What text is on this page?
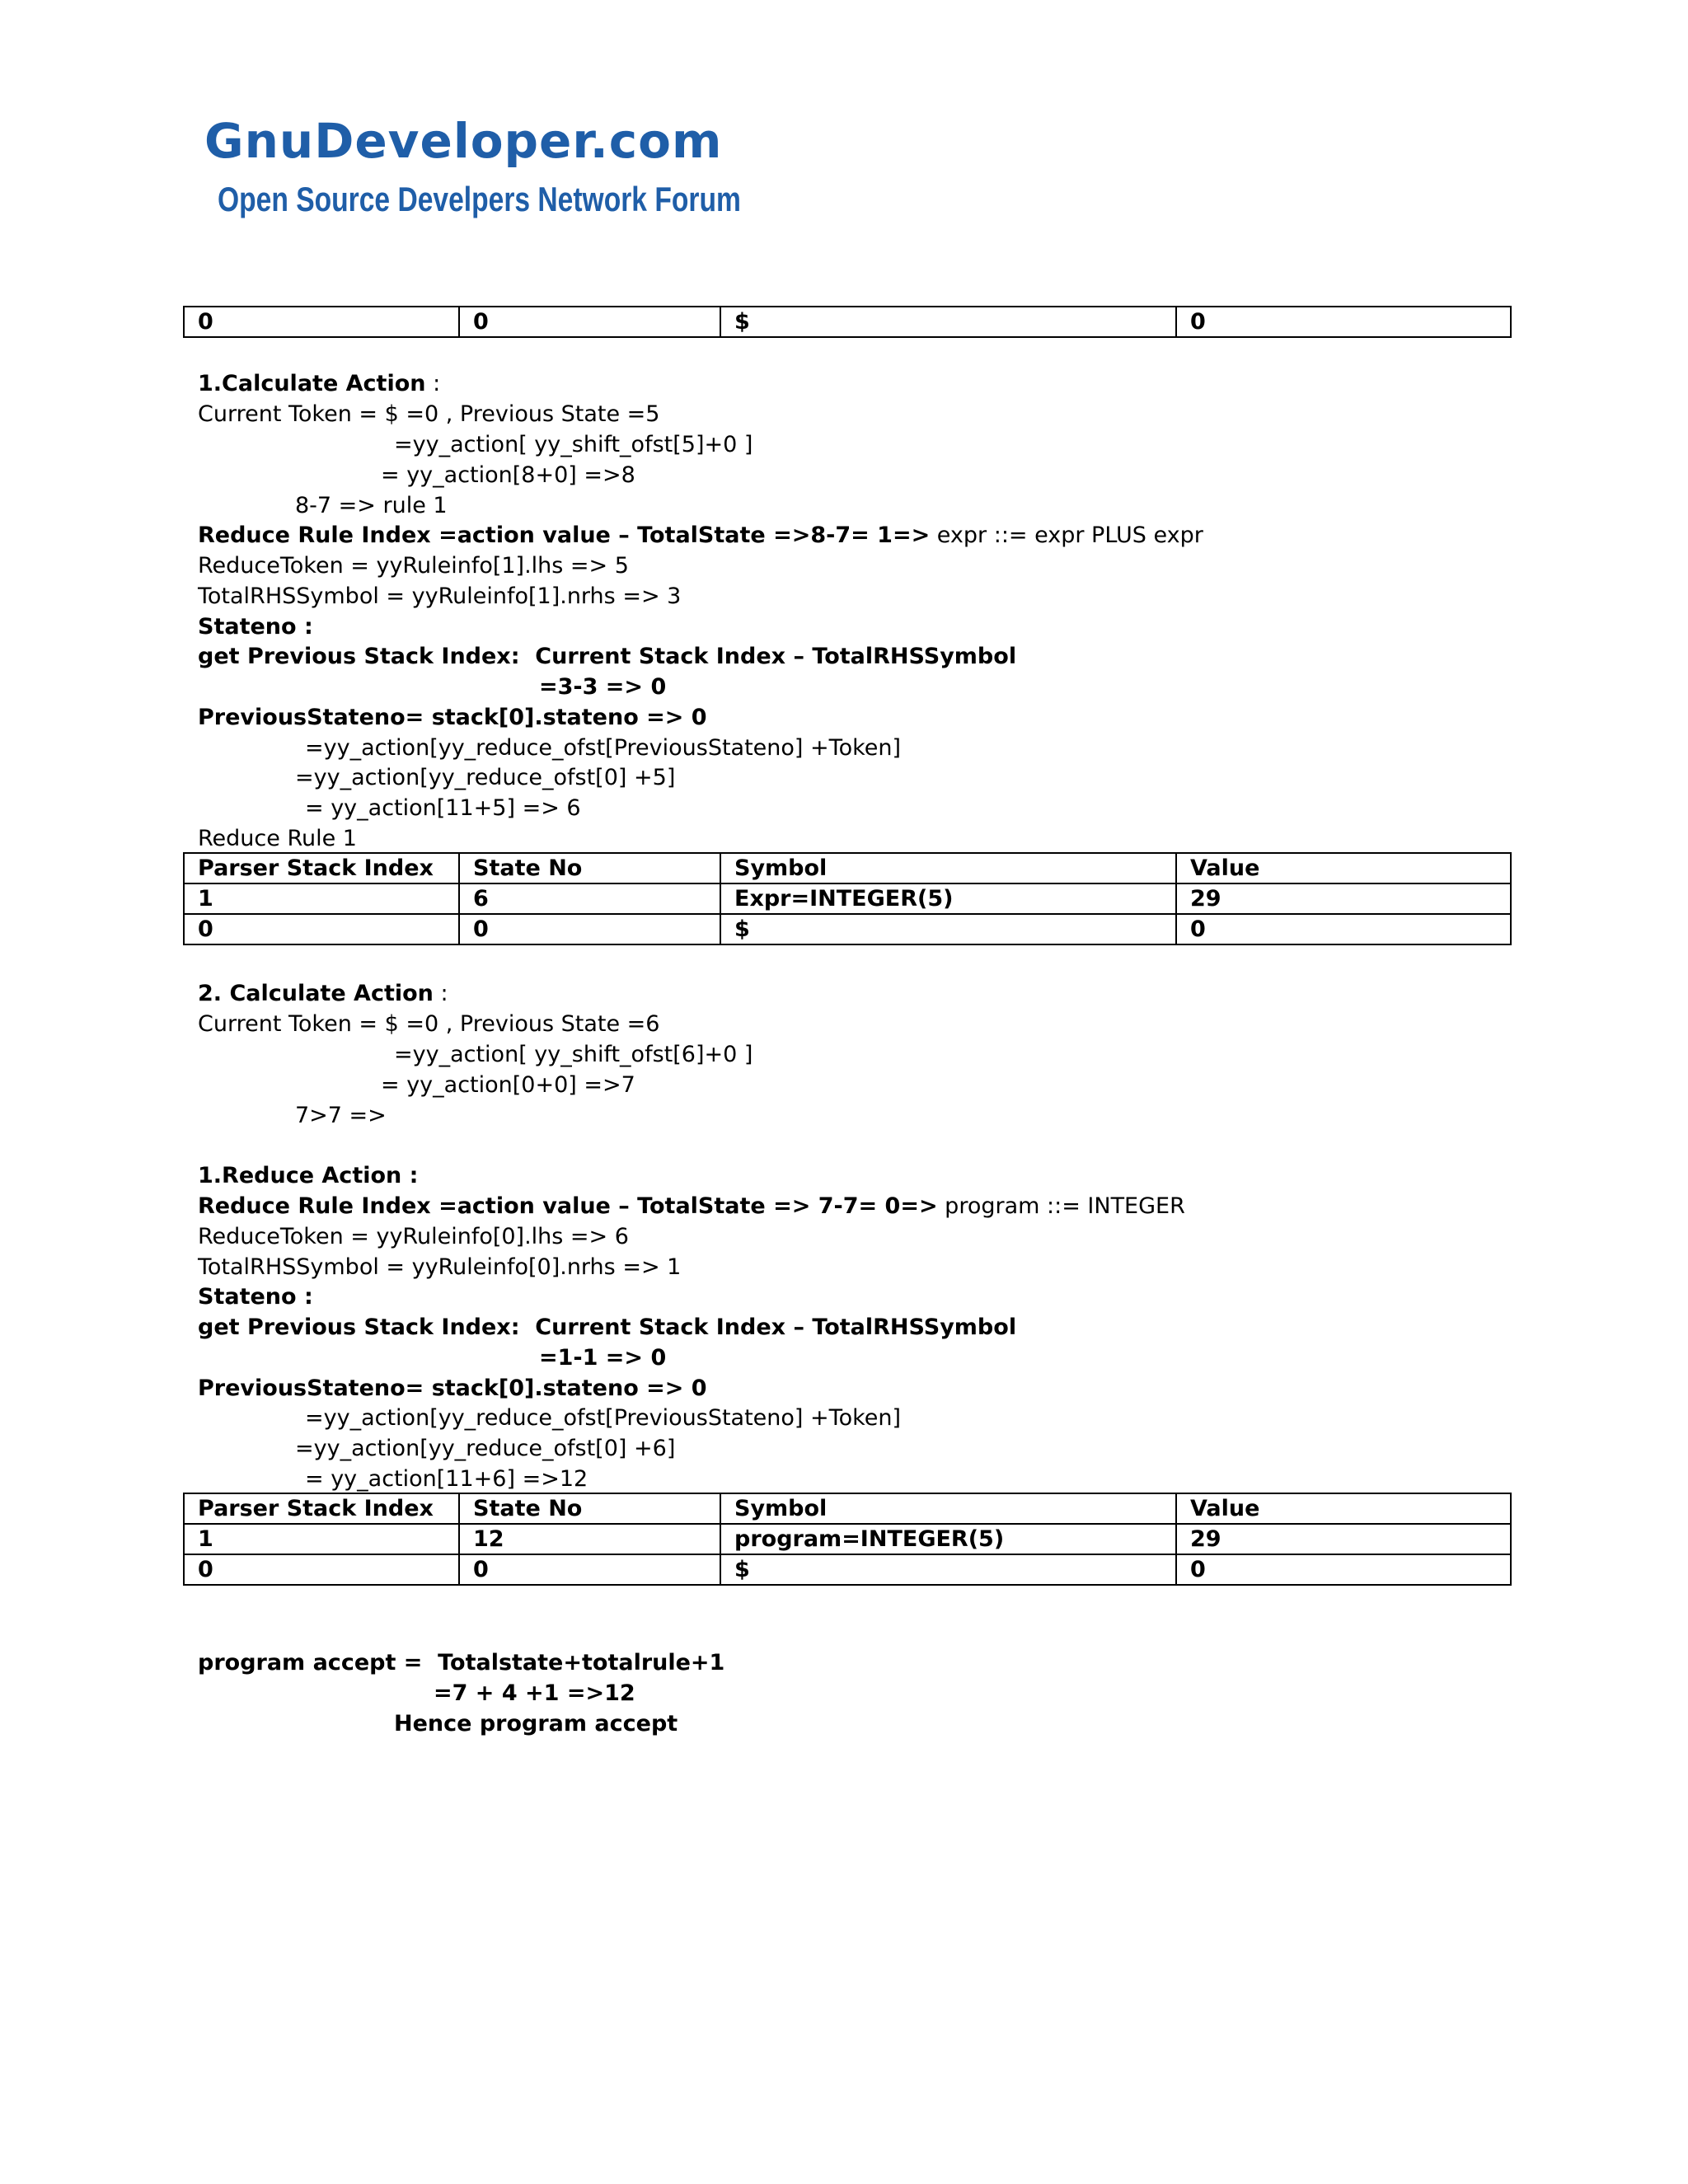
GnuDeveloper.com
Open Source Develpers Network Forum
0	0	$	0
1.Calculate Action :
Current Token = $ =0 , Previous State =5
=yy_action[ yy_shift_ofst[5]+0 ]
= yy_action[8+0] =>8
8-7 => rule 1
Reduce Rule Index =action value – TotalState =>8-7= 1=> expr ::= expr PLUS expr
ReduceToken = yyRuleinfo[1].lhs => 5
TotalRHSSymbol = yyRuleinfo[1].nrhs => 3
Stateno :
get Previous Stack Index:  Current Stack Index – TotalRHSSymbol
=3-3 => 0
PreviousStateno= stack[0].stateno => 0
=yy_action[yy_reduce_ofst[PreviousStateno] +Token]
=yy_action[yy_reduce_ofst[0] +5]
= yy_action[11+5] => 6
Reduce Rule 1
Parser Stack Index	State No	Symbol	Value
1	6	Expr=INTEGER(5)	29
0	0	$	0
2. Calculate Action :
Current Token = $ =0 , Previous State =6
=yy_action[ yy_shift_ofst[6]+0 ]
= yy_action[0+0] =>7
7>7 =>
1.Reduce Action :
Reduce Rule Index =action value – TotalState => 7-7= 0=> program ::= INTEGER
ReduceToken = yyRuleinfo[0].lhs => 6
TotalRHSSymbol = yyRuleinfo[0].nrhs => 1
Stateno :
get Previous Stack Index:  Current Stack Index – TotalRHSSymbol
=1-1 => 0
PreviousStateno= stack[0].stateno => 0
=yy_action[yy_reduce_ofst[PreviousStateno] +Token]
=yy_action[yy_reduce_ofst[0] +6]
= yy_action[11+6] =>12
Parser Stack Index	State No	Symbol	Value
1	12	program=INTEGER(5)	29
0	0	$	0
program accept =  Totalstate+totalrule+1
=7 + 4 +1 =>12
Hence program accept
